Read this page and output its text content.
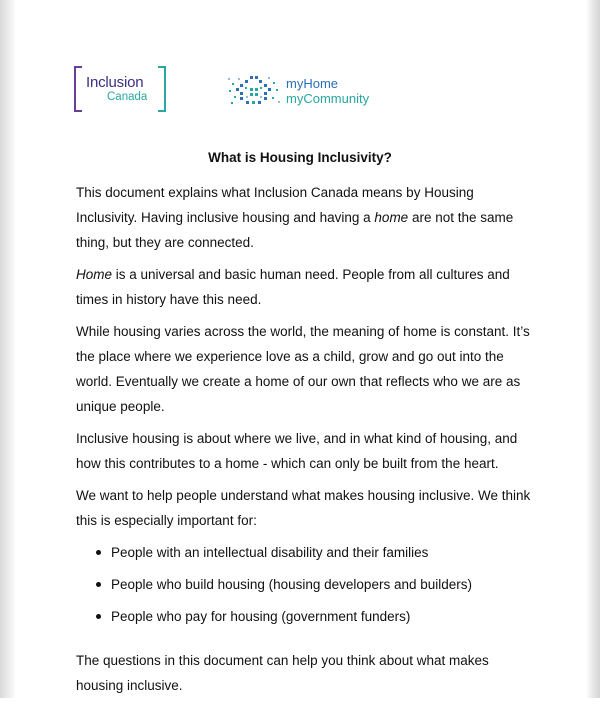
Inclusion
Canada
myHome
myCommunity
What is Housing Inclusivity?

This document explains what Inclusion Canada means by Housing Inclusivity. Having inclusive housing and having a home are not the same thing, but they are connected.

Home is a universal and basic human need. People from all cultures and times in history have this need.

While housing varies across the world, the meaning of home is constant. It’s the place where we experience love as a child, grow and go out into the world. Eventually we create a home of our own that reflects who we are as unique people.

Inclusive housing is about where we live, and in what kind of housing, and how this contributes to a home - which can only be built from the heart.

We want to help people understand what makes housing inclusive. We think this is especially important for:

People with an intellectual disability and their families
People who build housing (housing developers and builders)
People who pay for housing (government funders)

The questions in this document can help you think about what makes housing inclusive.
